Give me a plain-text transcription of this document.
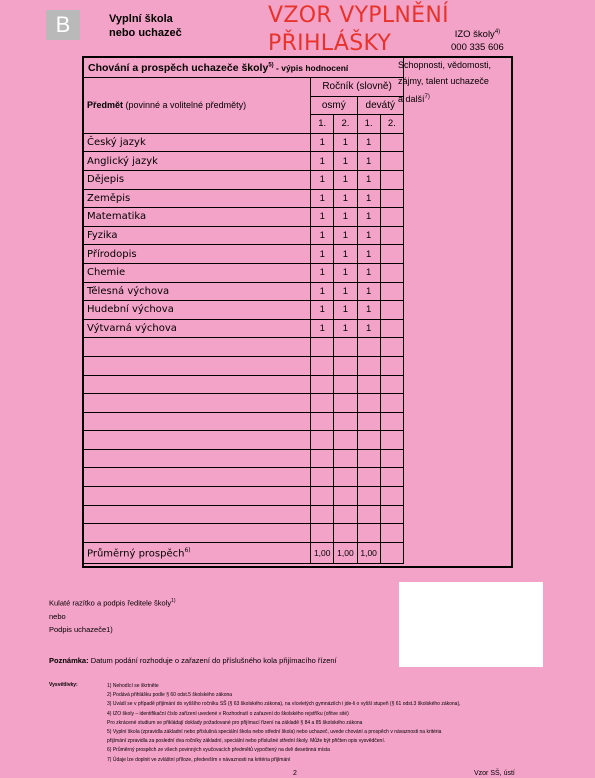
B	Vyplní škola
nebo uchazeč
VZOR VYPLNĚNÍ
PŘIHLÁŠKY	IZO školy$^{4)}$
000 335 606
Schopnosti, vědomosti,
zájmy, talent uchazeče
a další$^{7)}$
Chování a prospěch uchazeče školy$^{5)}$ - výpis hodnocení				
Předmět (povinné a volitelné předměty)	Ročník (slovně)			
	osmý		devátý	
	1.	2.	1.	2.
Český jazyk	1	1	1	
Anglický jazyk	1	1	1	
Dějepis	1	1	1	
Zeměpis	1	1	1	
Matematika	1	1	1	
Fyzika	1	1	1	
Přírodopis	1	1	1	
Chemie	1	1	1	
Tělesná výchova	1	1	1	
Hudební výchova	1	1	1	
Výtvarná výchova	1	1	1	

Průměrný prospěch$^{6)}$	1,00	1,00	1,00	
Kulaté razítko a podpis ředitele školy$^{1)}$
nebo
Podpis uchazeče1)
Poznámka: Datum podání rozhoduje o zařazení do příslušného kola přijímacího řízení
Vysvětlivky:	1) Nehodící se škrtněte
2) Podává přihlášku podle § 60 odst.5 školského zákona
3) Uvádí se v případě přijímání do vyššího ročníku SŠ (§ 63 školského zákona), na víceletých gymnáziích i jde-li o vyšší stupeň (§ 61 odst.3 školského zákona),
4) IZO školy – identifikační číslo zařízení uvedené v Rozhodnutí o zařazení do školského rejstříku (ořitve sité)
Pro zkrácené studium se přikládají doklady požadované pro přijímací řízení na základě § 84 a 85 školského zákona
5) Vyplní škola (zpravidla základní nebo příslušná speciální škola nebo střední škola) nebo uchazeč, uvede chování a prospěch v návaznosti na kritéria
přijímání zpravidla za poslední dva ročníky základní, speciální nebo příslušné střední školy. Může být přičten opis vysvědčení.
6) Průměrný prospěch ze všech povinných vyučovacích předmětů vypočtený na dvě desetinná místa
7) Údaje lze doplnit ve zvláštní příloze, především v návaznosti na kritéria přijímání
2	Vzor SŠ, ústí
